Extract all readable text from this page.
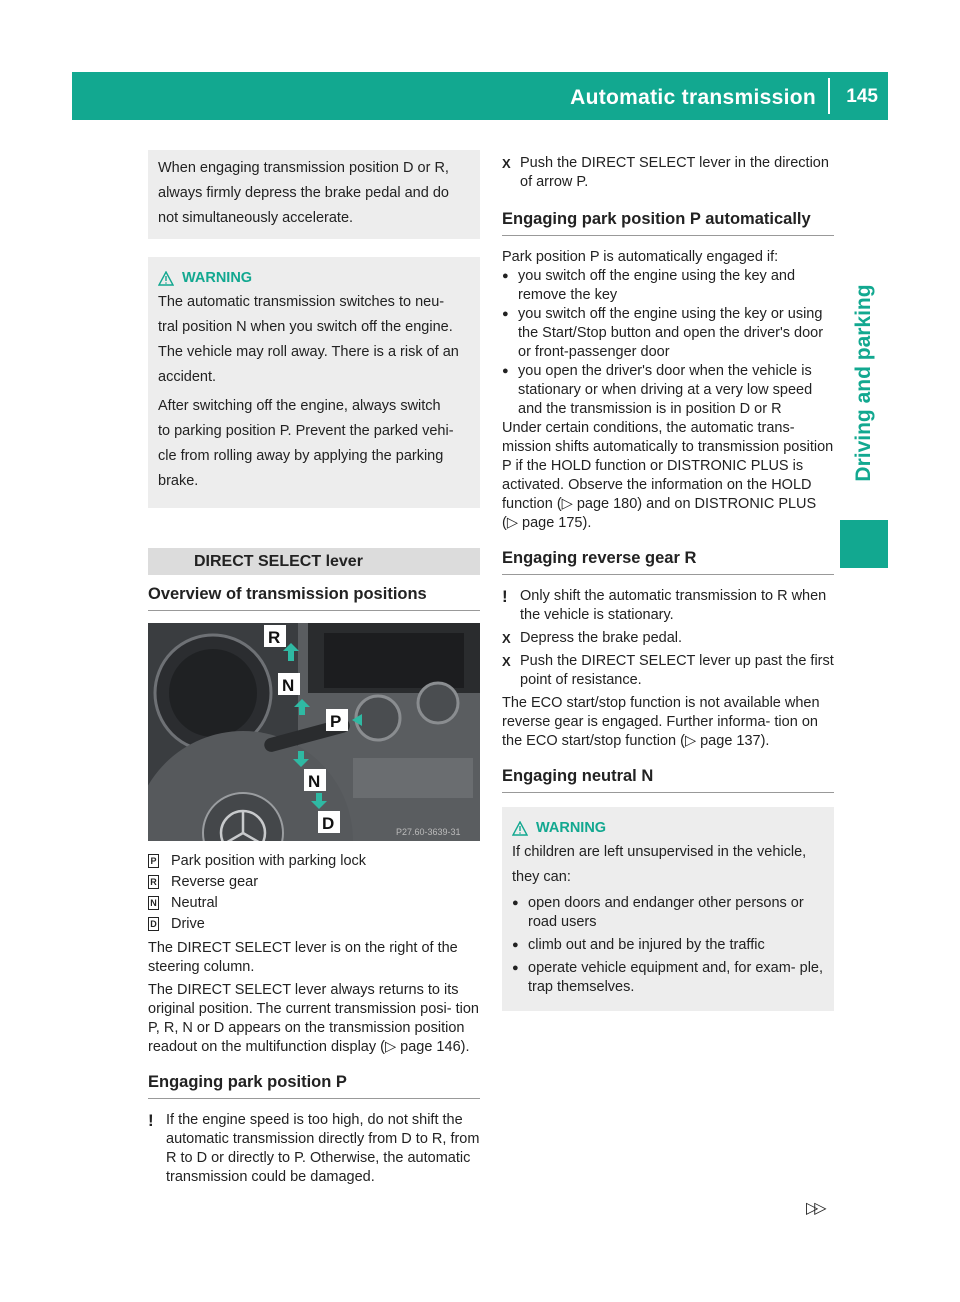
Automatic transmission 145
Driving and parking

When engaging transmission position D or R,

always firmly depress the brake pedal and do

not simultaneously accelerate.

WARNING

The automatic transmission switches to neu-

tral position N when you switch off the engine.

The vehicle may roll away. There is a risk of an

accident.

After switching off the engine, always switch

to parking position P. Prevent the parked vehi-

cle from rolling away by applying the parking

brake.

DIRECT SELECT lever
Overview of transmission positions
R
N
P
N
D	P27.60-3639-31
P Park position with parking lock
R Reverse gear
N Neutral
D Drive

The DIRECT SELECT lever is on the right of the steering column.

The DIRECT SELECT lever always returns to its original position. The current transmission posi- tion P, R, N or D appears on the transmission position readout on the multifunction display (▷ page 146).

Engaging park position P
! If the engine speed is too high, do not shift the automatic transmission directly from D to R, from R to D or directly to P. Otherwise, the automatic transmission could be damaged.
X Push the DIRECT SELECT lever in the direction of arrow P.
Engaging park position P automatically

Park position P is automatically engaged if:

● you switch off the engine using the key and remove the key
● you switch off the engine using the key or using the Start/Stop button and open the driver's door or front-passenger door
● you open the driver's door when the vehicle is stationary or when driving at a very low speed and the transmission is in position D or R

Under certain conditions, the automatic trans- mission shifts automatically to transmission position P if the HOLD function or DISTRONIC PLUS is activated. Observe the information on the HOLD function (▷ page 180) and on DISTRONIC PLUS (▷ page 175).

Engaging reverse gear R
! Only shift the automatic transmission to R when the vehicle is stationary.
X Depress the brake pedal.
X Push the DIRECT SELECT lever up past the first point of resistance.

The ECO start/stop function is not available when reverse gear is engaged. Further informa- tion on the ECO start/stop function (▷ page 137).

Engaging neutral N
WARNING

If children are left unsupervised in the vehicle, they can:

● open doors and endanger other persons or road users
● climb out and be injured by the traffic
● operate vehicle equipment and, for exam- ple, trap themselves.
▷▷
